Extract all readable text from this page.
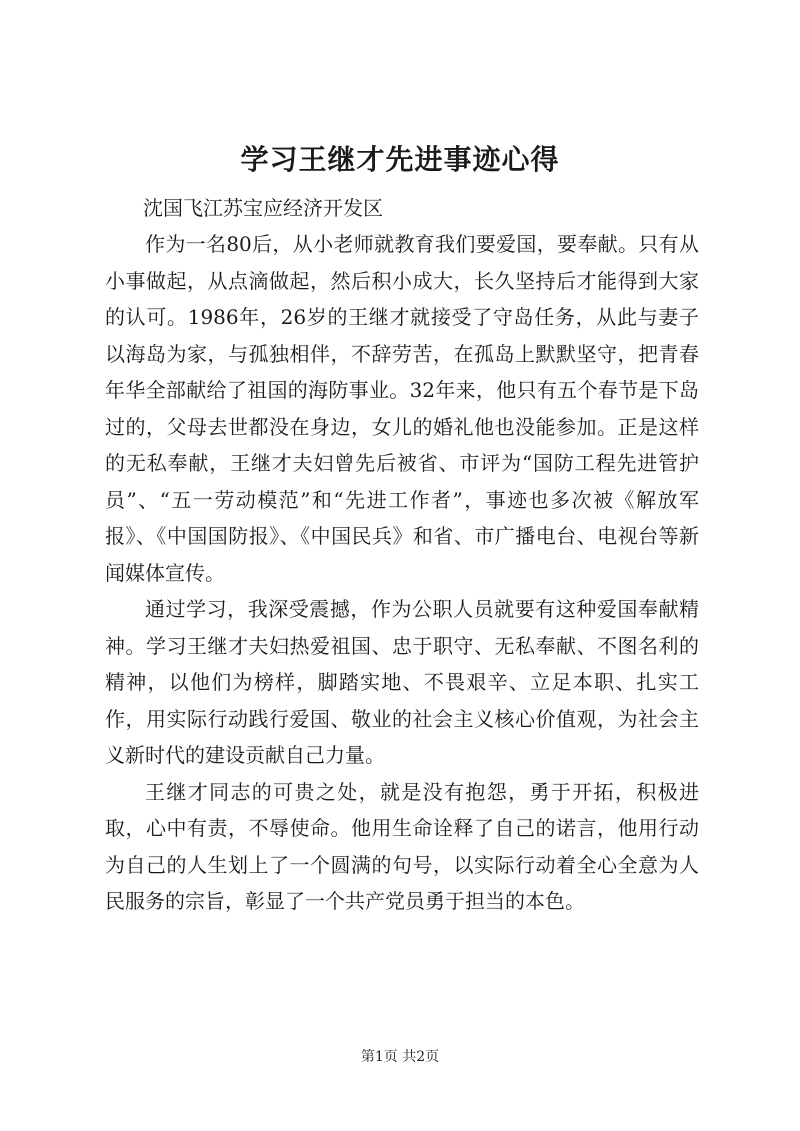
学习王继才先进事迹心得
沈国飞江苏宝应经济开发区

作为一名80后，从小老师就教育我们要爱国，要奉献。只有从小事做起，从点滴做起，然后积小成大，长久坚持后才能得到大家的认可。1986年，26岁的王继才就接受了守岛任务，从此与妻子以海岛为家，与孤独相伴，不辞劳苦，在孤岛上默默坚守，把青春年华全部献给了祖国的海防事业。32年来，他只有五个春节是下岛过的，父母去世都没在身边，女儿的婚礼他也没能参加。正是这样的无私奉献，王继才夫妇曾先后被省、市评为“国防工程先进管护员”、“五一劳动模范”和“先进工作者”，事迹也多次被《解放军报》、《中国国防报》、《中国民兵》和省、市广播电台、电视台等新闻媒体宣传。

通过学习，我深受震撼，作为公职人员就要有这种爱国奉献精神。学习王继才夫妇热爱祖国、忠于职守、无私奉献、不图名利的精神，以他们为榜样，脚踏实地、不畏艰辛、立足本职、扎实工作，用实际行动践行爱国、敬业的社会主义核心价值观，为社会主义新时代的建设贡献自己力量。

王继才同志的可贵之处，就是没有抱怨，勇于开拓，积极进取，心中有责，不辱使命。他用生命诠释了自己的诺言，他用行动为自己的人生划上了一个圆满的句号，以实际行动着全心全意为人民服务的宗旨，彰显了一个共产党员勇于担当的本色。

第1页 共2页
